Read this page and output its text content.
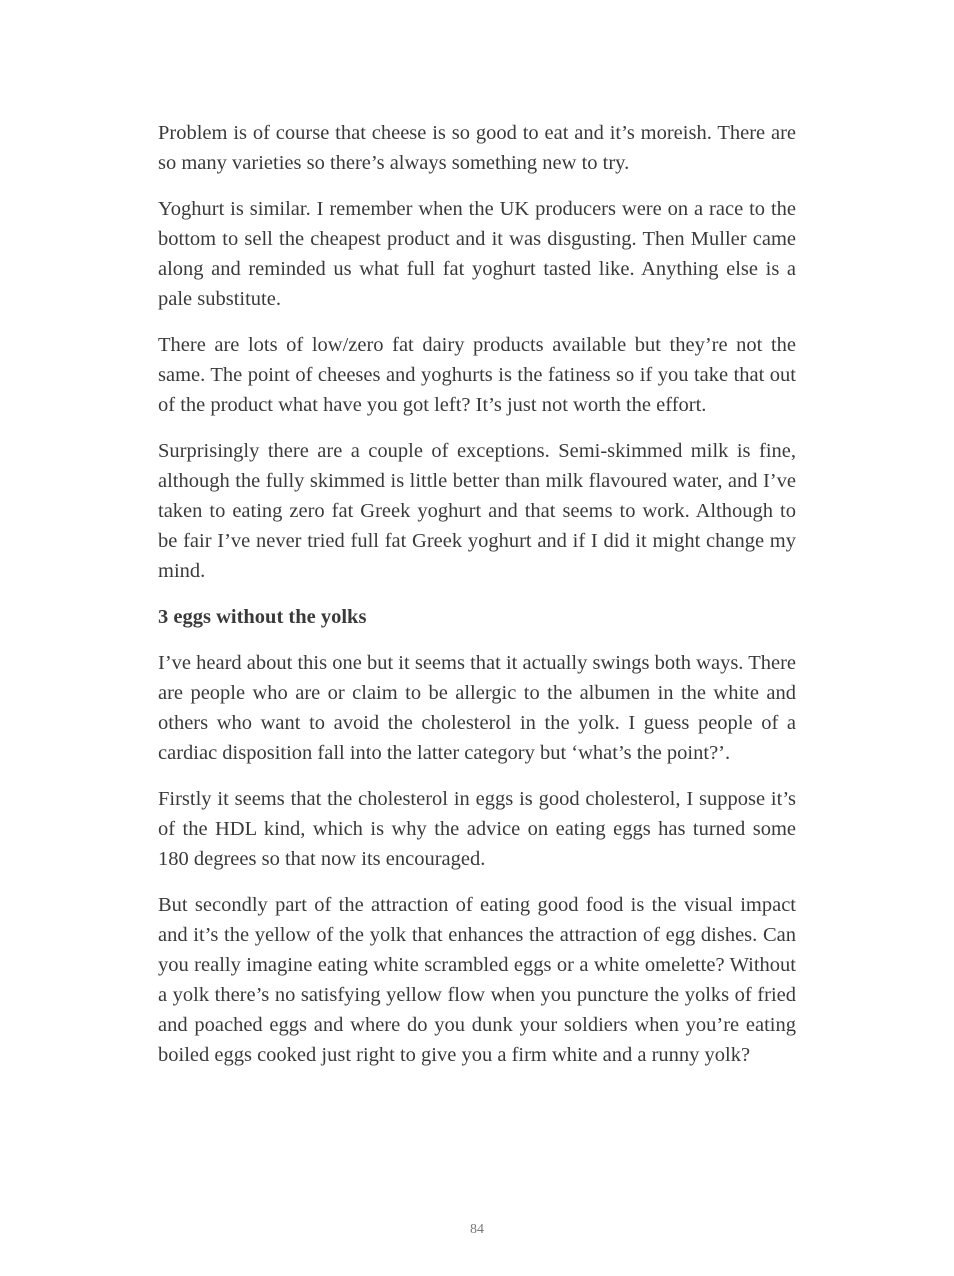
Problem is of course that cheese is so good to eat and it’s moreish. There are so many varieties so there’s always something new to try.

Yoghurt is similar. I remember when the UK producers were on a race to the bottom to sell the cheapest product and it was disgusting. Then Muller came along and reminded us what full fat yoghurt tasted like. Anything else is a pale substitute.

There are lots of low/zero fat dairy products available but they’re not the same. The point of cheeses and yoghurts is the fatiness so if you take that out of the product what have you got left? It’s just not worth the effort.

Surprisingly there are a couple of exceptions. Semi-skimmed milk is fine, although the fully skimmed is little better than milk flavoured water, and I’ve taken to eating zero fat Greek yoghurt and that seems to work. Although to be fair I’ve never tried full fat Greek yoghurt and if I did it might change my mind.

3 eggs without the yolks

I’ve heard about this one but it seems that it actually swings both ways. There are people who are or claim to be allergic to the albumen in the white and others who want to avoid the cholesterol in the yolk. I guess people of a cardiac disposition fall into the latter category but ‘what’s the point?’.

Firstly it seems that the cholesterol in eggs is good cholesterol, I suppose it’s of the HDL kind, which is why the advice on eating eggs has turned some 180 degrees so that now its encouraged.

But secondly part of the attraction of eating good food is the visual impact and it’s the yellow of the yolk that enhances the attraction of egg dishes. Can you really imagine eating white scrambled eggs or a white omelette? Without a yolk there’s no satisfying yellow flow when you puncture the yolks of fried and poached eggs and where do you dunk your soldiers when you’re eating boiled eggs cooked just right to give you a firm white and a runny yolk?

84
